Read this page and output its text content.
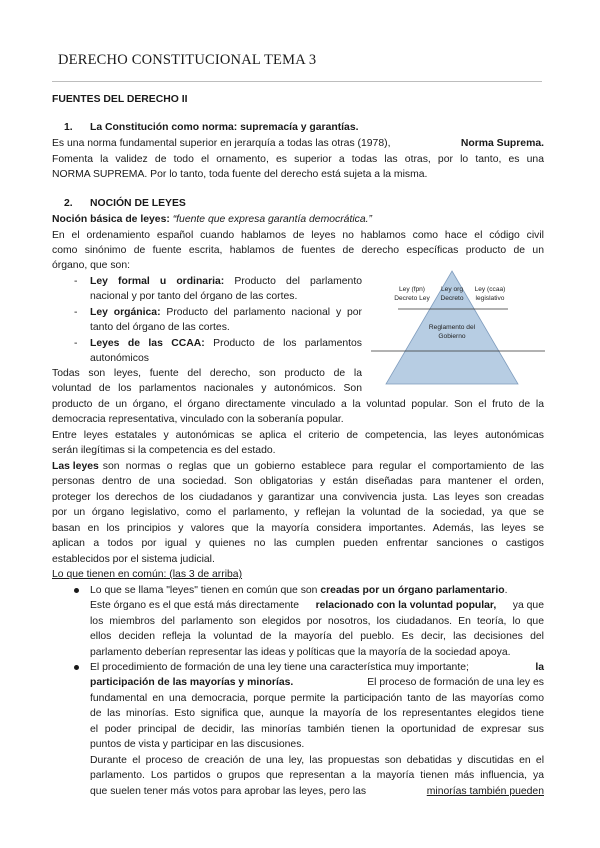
DERECHO CONSTITUCIONAL TEMA 3
FUENTES DEL DERECHO II
1. La Constitución como norma: supremacía y garantías.
Es una norma fundamental superior en jerarquía a todas las otras (1978),	Norma Suprema.
Fomenta la validez de todo el ornamento, es superior a todas las otras, por lo tanto, es una
NORMA SUPREMA. Por lo tanto, toda fuente del derecho está sujeta a la misma.
2. NOCIÓN DE LEYES
Noción básica de leyes: “fuente que expresa garantía democrática.”
En el ordenamiento español cuando hablamos de leyes no hablamos como hace el código civil
como sinónimo de fuente escrita, hablamos de fuentes de derecho específicas producto de un
órgano, que son:
- Ley formal u ordinaria: Producto del parlamento
nacional y por tanto del órgano de las cortes.
- Ley orgánica: Producto del parlamento nacional y por
tanto del órgano de las cortes.
- Leyes de las CCAA: Producto de los parlamentos
autonómicos
Ley (fpn)
Decreto Ley
Ley org
Decreto
Ley (ccaa)
legislativo
Reglamento del
Gobierno
Todas son leyes, fuente del derecho, son producto de la
voluntad de los parlamentos nacionales y autonómicos. Son
producto de un órgano, el órgano directamente vinculado a la voluntad popular. Son el fruto de la
democracia representativa, vinculado con la soberanía popular.
Entre leyes estatales y autonómicas se aplica el criterio de competencia, las leyes autonómicas
serán ilegítimas si la competencia es del estado.
Las leyes son normas o reglas que un gobierno establece para regular el comportamiento de las
personas dentro de una sociedad. Son obligatorias y están diseñadas para mantener el orden,
proteger los derechos de los ciudadanos y garantizar una convivencia justa. Las leyes son creadas
por un órgano legislativo, como el parlamento, y reflejan la voluntad de la sociedad, ya que se
basan en los principios y valores que la mayoría considera importantes. Además, las leyes se
aplican a todos por igual y quienes no las cumplen pueden enfrentar sanciones o castigos
establecidos por el sistema judicial.
Lo que tienen en común: (las 3 de arriba)
Lo que se llama "leyes" tienen en común que son creadas por un órgano parlamentario.
Este órgano es el que está más directamente relacionado con la voluntad popular, ya que
los miembros del parlamento son elegidos por nosotros, los ciudadanos. En teoría, lo que
ellos deciden refleja la voluntad de la mayoría del pueblo. Es decir, las decisiones del
parlamento deberían representar las ideas y políticas que la mayoría de la sociedad apoya.
El procedimiento de formación de una ley tiene una característica muy importante;	la
participación de las mayorías y minorías.	El proceso de formación de una ley es
fundamental en una democracia, porque permite la participación tanto de las mayorías como
de las minorías. Esto significa que, aunque la mayoría de los representantes elegidos tiene
el poder principal de decidir, las minorías también tienen la oportunidad de expresar sus
puntos de vista y participar en las discusiones.
Durante el proceso de creación de una ley, las propuestas son debatidas y discutidas en el
parlamento. Los partidos o grupos que representan a la mayoría tienen más influencia, ya
que suelen tener más votos para aprobar las leyes, pero las	minorías también pueden
